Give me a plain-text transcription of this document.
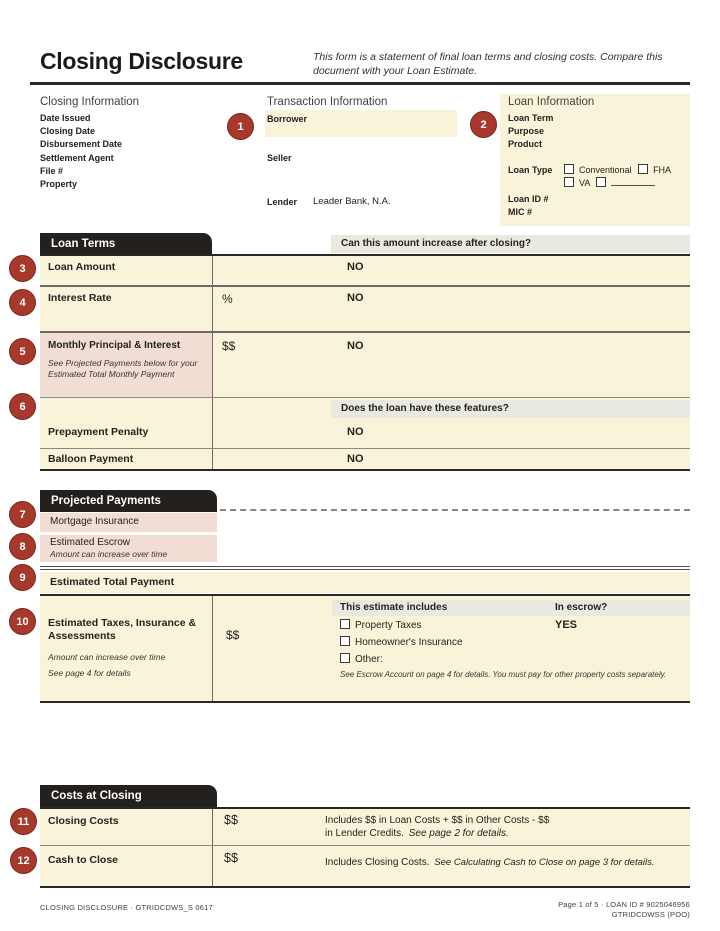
Closing Disclosure	This form is a statement of final loan terms and closing costs. Compare this
document with your Loan Estimate.
Closing Information
Date Issued
Closing Date
Disbursement Date
Settlement Agent
File #
Property
Transaction Information
Borrower
Seller
Lender Leader Bank, N.A.
Loan Information
Loan Term
Purpose
Product
Loan Type	Conventional FHA
VA
Loan ID #
MIC #
Loan Terms	Can this amount increase after closing?
Loan Amount	NO
Interest Rate	%	NO
Monthly Principal & Interest
See Projected Payments below for your Estimated Total Monthly Payment
$$	NO
Does the loan have these features?
Prepayment Penalty	NO
Balloon Payment	NO
Projected Payments
Mortgage Insurance
Estimated Escrow
Amount can increase over time
Estimated Total Payment
Estimated Taxes, Insurance & Assessments
Amount can increase over time
See page 4 for details
$$
This estimate includes	In escrow?
Property Taxes	YES
Homeowner's Insurance
Other:
See Escrow Account on page 4 for details. You must pay for other property costs separately.
Costs at Closing
Closing Costs	$$	Includes $$ in Loan Costs + $$ in Other Costs - $$
in Lender Credits. See page 2 for details.
Cash to Close	$$	Includes Closing Costs. See Calculating Cash to Close on page 3 for details.
CLOSING DISCLOSURE · GTRIDCDWS_S 0617	Page 1 of 5 · LOAN ID # 9025046956
GTRIDCDWSS (POO)
1	2
3
4
5
6
7
8
9
10
11
12
